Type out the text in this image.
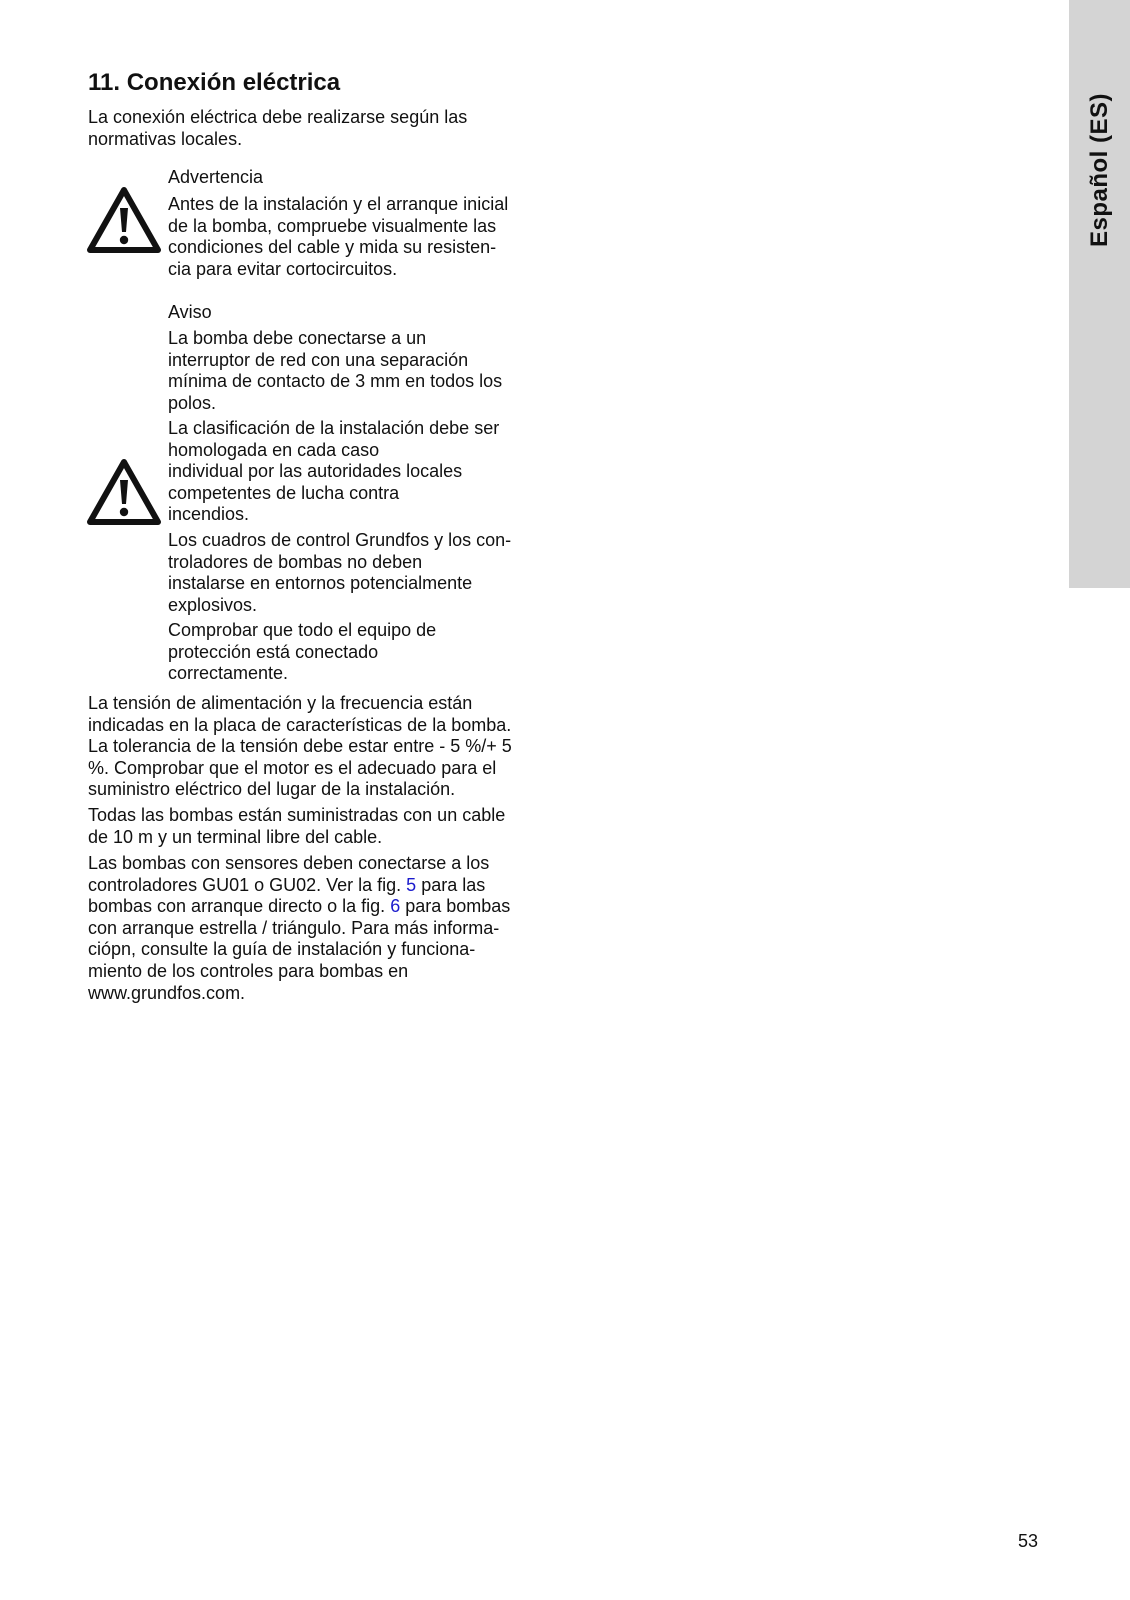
Español (ES)
11. Conexión eléctrica

La conexión eléctrica debe realizarse según las
normativas locales.

Advertencia

Antes de la instalación y el arranque inicial
de la bomba, compruebe visualmente las
condiciones del cable y mida su resisten-
cia para evitar cortocircuitos.

Aviso

La bomba debe conectarse a un
interruptor de red con una separación
mínima de contacto de 3 mm en todos los
polos.

La clasificación de la instalación debe ser
homologada en cada caso
individual por las autoridades locales
competentes de lucha contra
incendios.

Los cuadros de control Grundfos y los con-
troladores de bombas no deben
instalarse en entornos potencialmente
explosivos.

Comprobar que todo el equipo de
protección está conectado
correctamente.

La tensión de alimentación y la frecuencia están
indicadas en la placa de características de la bomba.
La tolerancia de la tensión debe estar entre - 5 %/+ 5
%. Comprobar que el motor es el adecuado para el
suministro eléctrico del lugar de la instalación.

Todas las bombas están suministradas con un cable
de 10 m y un terminal libre del cable.

Las bombas con sensores deben conectarse a los
controladores GU01 o GU02. Ver la fig. 5 para las
bombas con arranque directo o la fig. 6 para bombas
con arranque estrella / triángulo. Para más informa-
ciópn, consulte la guía de instalación y funciona-
miento de los controles para bombas en
www.grundfos.com.

53
